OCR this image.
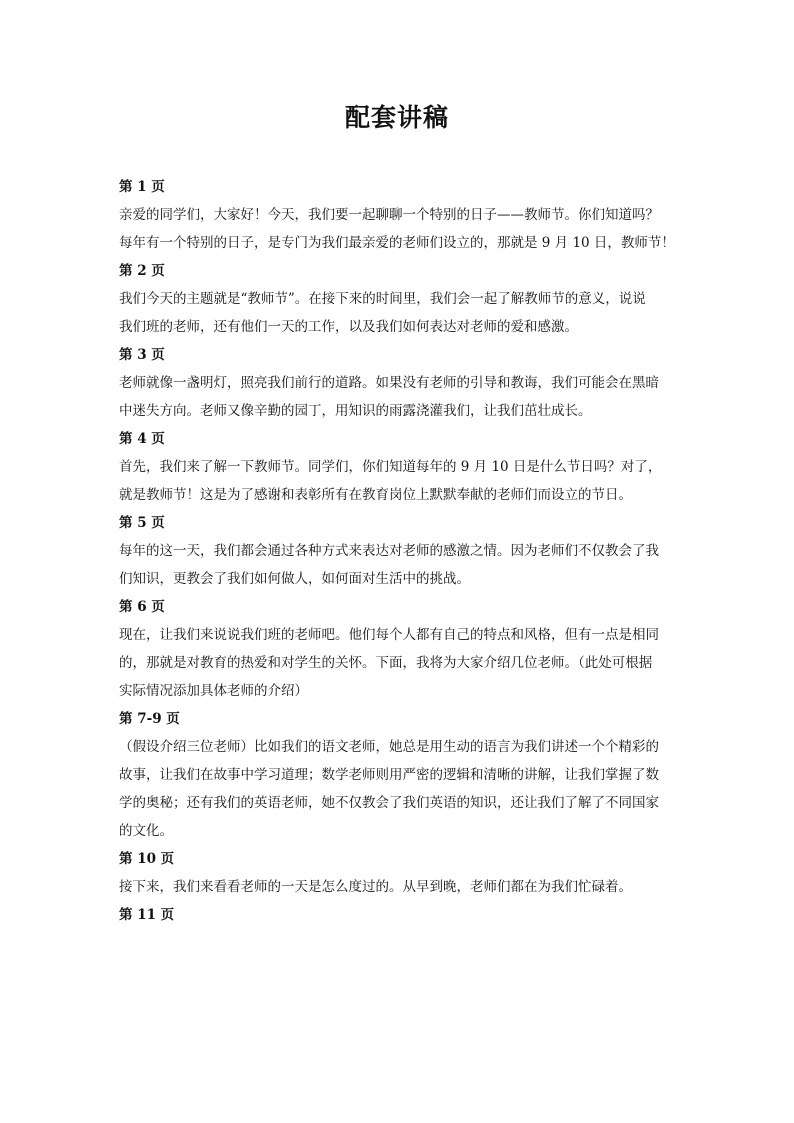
配套讲稿
第 1 页
亲爱的同学们，大家好！今天，我们要一起聊聊一个特别的日子——教师节。你们知道吗？
每年有一个特别的日子，是专门为我们最亲爱的老师们设立的，那就是 9 月 10 日，教师节！
第 2 页
我们今天的主题就是“教师节”。在接下来的时间里，我们会一起了解教师节的意义，说说
我们班的老师，还有他们一天的工作，以及我们如何表达对老师的爱和感激。
第 3 页
老师就像一盏明灯，照亮我们前行的道路。如果没有老师的引导和教诲，我们可能会在黑暗
中迷失方向。老师又像辛勤的园丁，用知识的雨露浇灌我们，让我们茁壮成长。
第 4 页
首先，我们来了解一下教师节。同学们，你们知道每年的 9 月 10 日是什么节日吗？对了，
就是教师节！这是为了感谢和表彰所有在教育岗位上默默奉献的老师们而设立的节日。
第 5 页
每年的这一天，我们都会通过各种方式来表达对老师的感激之情。因为老师们不仅教会了我
们知识，更教会了我们如何做人，如何面对生活中的挑战。
第 6 页
现在，让我们来说说我们班的老师吧。他们每个人都有自己的特点和风格，但有一点是相同
的，那就是对教育的热爱和对学生的关怀。下面，我将为大家介绍几位老师。（此处可根据
实际情况添加具体老师的介绍）
第 7-9 页
（假设介绍三位老师）比如我们的语文老师，她总是用生动的语言为我们讲述一个个精彩的
故事，让我们在故事中学习道理；数学老师则用严密的逻辑和清晰的讲解，让我们掌握了数
学的奥秘；还有我们的英语老师，她不仅教会了我们英语的知识，还让我们了解了不同国家
的文化。
第 10 页
接下来，我们来看看老师的一天是怎么度过的。从早到晚，老师们都在为我们忙碌着。
第 11 页
